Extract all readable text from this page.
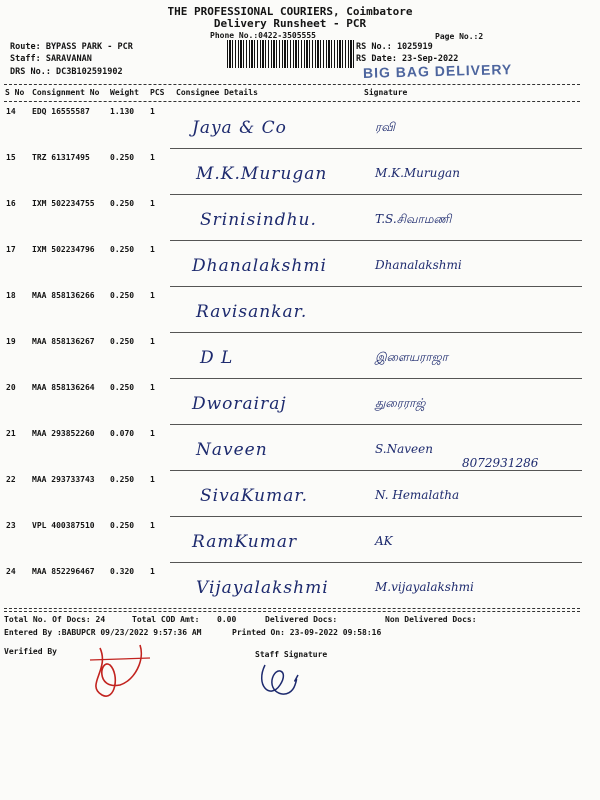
THE PROFESSIONAL COURIERS, Coimbatore
Delivery Runsheet - PCR
Phone No.:0422-3505555	Page No.:2
Route: BYPASS PARK - PCR
Staff: SARAVANAN
DRS No.: DC3B102591902
RS No.: 1025919
RS Date: 23-Sep-2022
BIG BAG DELIVERY
S No Consignment No Weight PCS Consignee Details	Signature
14 EDQ 16555587	1.130 1
Jaya & Co	ரவி
15 TRZ 61317495	0.250 1
M.K.Murugan	M.K.Murugan
16 IXM 502234755 0.250 1
Srinisindhu.	T.S.சிவாமணி
17 IXM 502234796 0.250 1
Dhanalakshmi	Dhanalakshmi
18 MAA 858136266 0.250 1
Ravisankar.
19 MAA 858136267 0.250 1
D L	இளையராஜா
20 MAA 858136264 0.250 1
Dworairaj	துரைராஜ்
21 MAA 293852260 0.070 1
Naveen	S.Naveen
8072931286
22 MAA 293733743 0.250 1
SivaKumar.	N. Hemalatha
23 VPL 400387510 0.250 1
RamKumar	AK
24 MAA 852296467 0.320 1
Vijayalakshmi	M.vijayalakshmi
Total No. Of Docs: 24	Total COD Amt: 0.00	Delivered Docs:	Non Delivered Docs:
Entered By :BABUPCR 09/23/2022 9:57:36 AM	Printed On: 23-09-2022 09:58:16
Verified By	Staff Signature
